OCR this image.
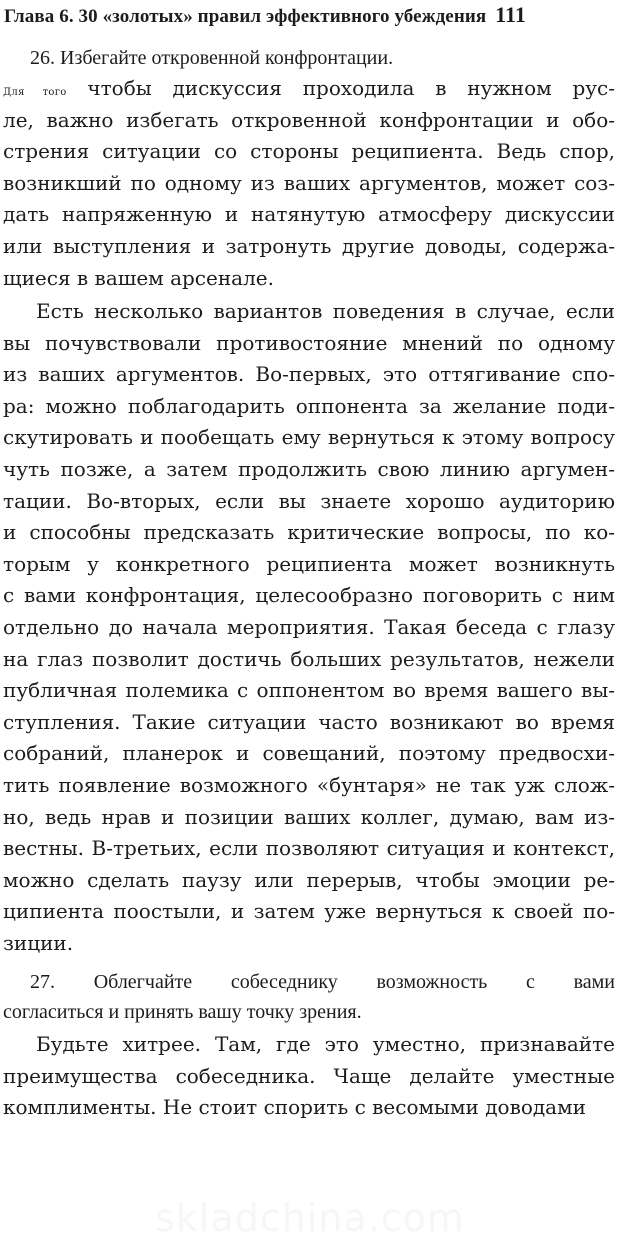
Глава 6. 30 «золотых» правил эффективного убеждения 111
26. Избегайте откровенной конфронтации.
Для того чтобы дискуссия проходила в нужном рус-
ле, важно избегать откровенной конфронтации и обо-
стрения ситуации со стороны реципиента. Ведь спор,
возникший по одному из ваших аргументов, может соз-
дать напряженную и натянутую атмосферу дискуссии
или выступления и затронуть другие доводы, содержа-
щиеся в вашем арсенале.
Есть несколько вариантов поведения в случае, если
вы почувствовали противостояние мнений по одному
из ваших аргументов. Во-первых, это оттягивание спо-
ра: можно поблагодарить оппонента за желание поди-
скутировать и пообещать ему вернуться к этому вопросу
чуть позже, а затем продолжить свою линию аргумен-
тации. Во-вторых, если вы знаете хорошо аудиторию
и способны предсказать критические вопросы, по ко-
торым у конкретного реципиента может возникнуть
с вами конфронтация, целесообразно поговорить с ним
отдельно до начала мероприятия. Такая беседа с глазу
на глаз позволит достичь больших результатов, нежели
публичная полемика с оппонентом во время вашего вы-
ступления. Такие ситуации часто возникают во время
собраний, планерок и совещаний, поэтому предвосхи-
тить появление возможного «бунтаря» не так уж слож-
но, ведь нрав и позиции ваших коллег, думаю, вам из-
вестны. В-третьих, если позволяют ситуация и контекст,
можно сделать паузу или перерыв, чтобы эмоции ре-
ципиента поостыли, и затем уже вернуться к своей по-
зиции.
27. Облегчайте собеседнику возможность с вами
согласиться и принять вашу точку зрения.
Будьте хитрее. Там, где это уместно, признавайте
преимущества собеседника. Чаще делайте уместные
комплименты. Не стоит спорить с весомыми доводами
